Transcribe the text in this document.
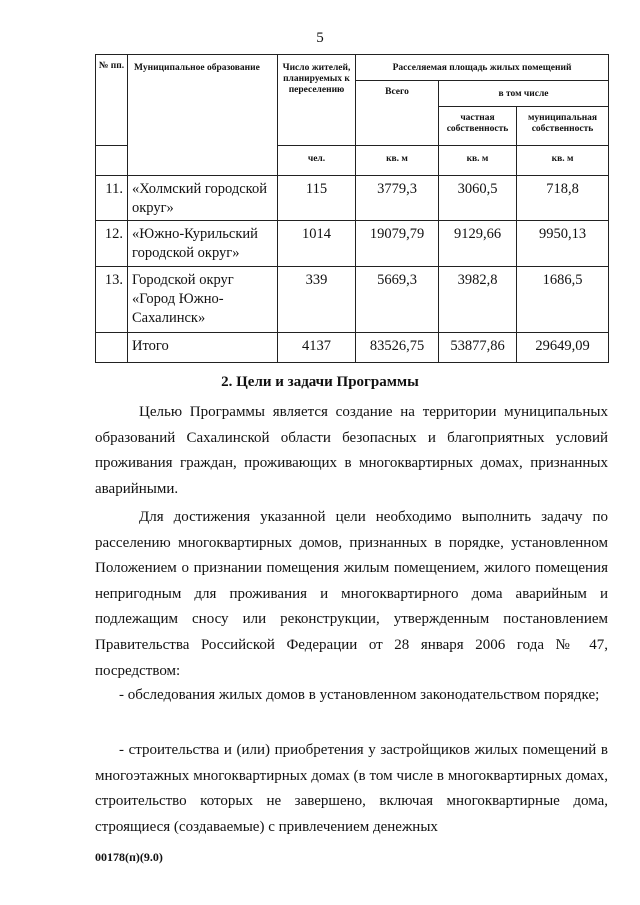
5
№ пп.	Муниципальное образование	Число жителей, планируемых к переселению	Расселяемая площадь жилых помещений		
			Всего	в том числе	
				частная собственность	муниципальная собственность
		чел.	кв. м	кв. м	кв. м
11.	«Холмский городской округ»	115	3779,3	3060,5	718,8
12.	«Южно-Курильский городской округ»	1014	19079,79	9129,66	9950,13
13.	Городской округ «Город Южно-Сахалинск»	339	5669,3	3982,8	1686,5
	Итого	4137	83526,75	53877,86	29649,09
2. Цели и задачи Программы

Целью Программы является создание на территории муниципальных образований Сахалинской области безопасных и благоприятных условий проживания граждан, проживающих в многоквартирных домах, признанных аварийными.

Для достижения указанной цели необходимо выполнить задачу по расселению многоквартирных домов, признанных в порядке, установленном Положением о признании помещения жилым помещением, жилого помещения непригодным для проживания и многоквартирного дома аварийным и подлежащим сносу или реконструкции, утвержденным постановлением Правительства Российской Федерации от 28 января 2006 года № 47, посредством:

- обследования жилых домов в установленном законодательством порядке;

- строительства и (или) приобретения у застройщиков жилых помещений в многоэтажных многоквартирных домах (в том числе в многоквартирных домах, строительство которых не завершено, включая многоквартирные дома, строящиеся (создаваемые) с привлечением денежных

00178(п)(9.0)
